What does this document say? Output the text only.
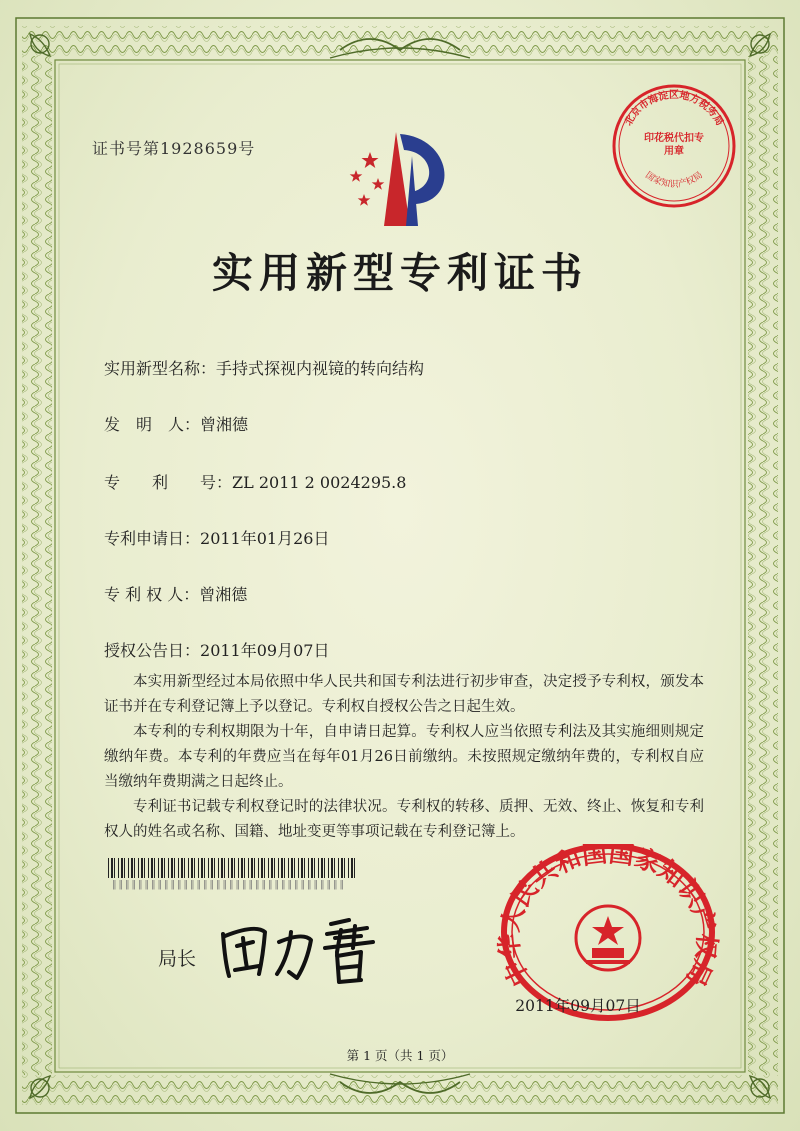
北京市海淀区地方税务局
国家知识产权局
印花税代扣专用章
证书号第1928659号
实用新型专利证书
实用新型名称：手持式探视内视镜的转向结构
发　明　人：曾湘德
专　　利　　号：ZL 2011 2 0024295.8
专利申请日：2011年01月26日
专 利 权 人：曾湘德
授权公告日：2011年09月07日

本实用新型经过本局依照中华人民共和国专利法进行初步审查，决定授予专利权，颁发本证书并在专利登记簿上予以登记。专利权自授权公告之日起生效。

本专利的专利权期限为十年，自申请日起算。专利权人应当依照专利法及其实施细则规定缴纳年费。本专利的年费应当在每年01月26日前缴纳。未按照规定缴纳年费的，专利权自应当缴纳年费期满之日起终止。

专利证书记载专利权登记时的法律状况。专利权的转移、质押、无效、终止、恢复和专利权人的姓名或名称、国籍、地址变更等事项记载在专利登记簿上。

‖‖‖‖‖‖‖‖‖‖‖‖‖‖‖‖‖‖‖‖‖‖‖‖‖‖‖‖‖‖‖‖‖‖‖‖
局长	中华人民共和国国家知识产权局
2011年09月07日
第 1 页（共 1 页）
